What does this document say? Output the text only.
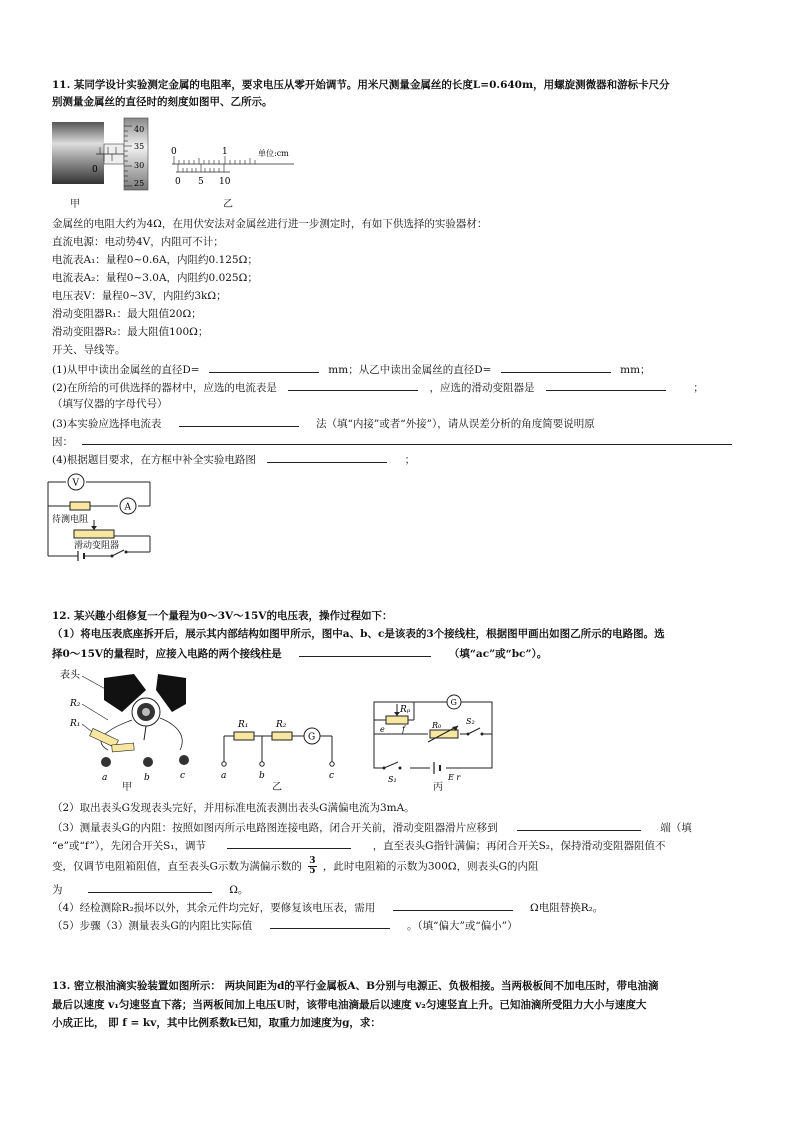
11. 某同学设计实验测定金属的电阻率，要求电压从零开始调节。用米尺测量金属丝的长度L=0.640m，用螺旋测微器和游标卡尺分
别测量金属丝的直径时的刻度如图甲、乙所示。
0
40
35
30
25
甲
0	1	单位:cm
0 5 10
乙
金属丝的电阻大约为4Ω，在用伏安法对金属丝进行进一步测定时，有如下供选择的实验器材：
直流电源：电动势4V，内阻可不计；
电流表A₁：量程0~0.6A，内阻约0.125Ω；
电流表A₂：量程0~3.0A，内阻约0.025Ω；
电压表V：量程0~3V，内阻约3kΩ；
滑动变阻器R₁：最大阻值20Ω；
滑动变阻器R₂：最大阻值100Ω；
开关、导线等。
(1)从甲中读出金属丝的直径D=	mm；从乙中读出金属丝的直径D=	mm；
(2)在所给的可供选择的器材中，应选的电流表是	，应选的滑动变阻器是	；
（填写仪器的字母代号）
(3)本实验应选择电流表	法（填“内接”或者“外接”），请从误差分析的角度简要说明原
因：
(4)根据题目要求，在方框中补全实验电路图	；
V
A
待测电阻
滑动变阻器
12. 某兴趣小组修复一个量程为0～3V～15V的电压表，操作过程如下：
（1）将电压表底座拆开后，展示其内部结构如图甲所示，图中a、b、c是该表的3个接线柱，根据图甲画出如图乙所示的电路图。选
择0～15V的量程时，应接入电路的两个接线柱是	（填“ac”或“bc”）。
表头
R₂
R₁
a	b	c
甲
G
R₁	R₂
a	b	c
乙
Rₚ
e f
G
R₀	S₂
S₁	E r
丙
（2）取出表头G发现表头完好，并用标准电流表测出表头G满偏电流为3mA。
（3）测量表头G的内阻：按照如图丙所示电路图连接电路，闭合开关前，滑动变阻器滑片应移到	端（填
“e”或“f”），先闭合开关S₁，调节	，直至表头G指针满偏；再闭合开关S₂，保持滑动变阻器阻值不
变，仅调节电阻箱阻值，直至表头G示数为满偏示数的 $\frac{3}{5}$ ，此时电阻箱的示数为300Ω，则表头G的内阻
为	Ω。
（4）经检测除R₂损坏以外，其余元件均完好，要修复该电压表，需用	Ω电阻替换R₂。
（5）步骤（3）测量表头G的内阻比实际值	。（填“偏大”或“偏小”）
13. 密立根油滴实验装置如图所示： 两块间距为d的平行金属板A、B分别与电源正、负极相接。当两极板间不加电压时，带电油滴
最后以速度 v₁匀速竖直下落；当两板间加上电压U时，该带电油滴最后以速度 v₂匀速竖直上升。已知油滴所受阻力大小与速度大
小成正比， 即 f = kv，其中比例系数k已知，取重力加速度为g，求：
